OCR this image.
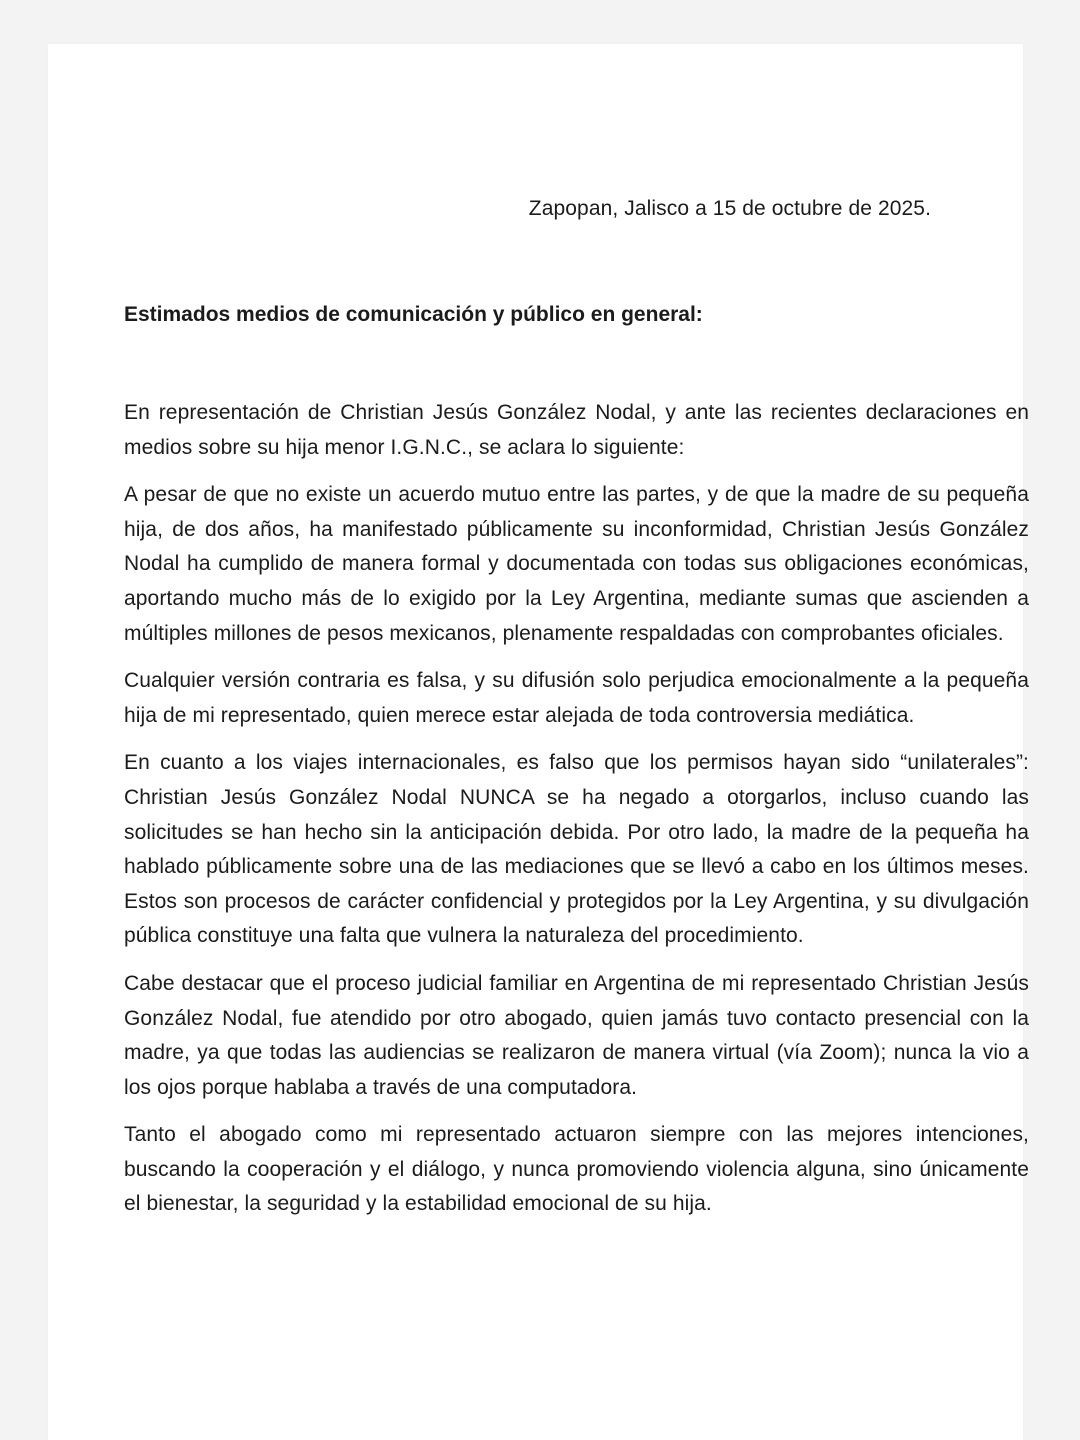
Zapopan, Jalisco a 15 de octubre de 2025.
Estimados medios de comunicación y público en general:

En representación de Christian Jesús González Nodal, y ante las recientes declaraciones en medios sobre su hija menor I.G.N.C., se aclara lo siguiente:

A pesar de que no existe un acuerdo mutuo entre las partes, y de que la madre de su pequeña hija, de dos años, ha manifestado públicamente su inconformidad, Christian Jesús González Nodal ha cumplido de manera formal y documentada con todas sus obligaciones económicas, aportando mucho más de lo exigido por la Ley Argentina, mediante sumas que ascienden a múltiples millones de pesos mexicanos, plenamente respaldadas con comprobantes oficiales.

Cualquier versión contraria es falsa, y su difusión solo perjudica emocionalmente a la pequeña hija de mi representado, quien merece estar alejada de toda controversia mediática.

En cuanto a los viajes internacionales, es falso que los permisos hayan sido “unilaterales”: Christian Jesús González Nodal NUNCA se ha negado a otorgarlos, incluso cuando las solicitudes se han hecho sin la anticipación debida. Por otro lado, la madre de la pequeña ha hablado públicamente sobre una de las mediaciones que se llevó a cabo en los últimos meses. Estos son procesos de carácter confidencial y protegidos por la Ley Argentina, y su divulgación pública constituye una falta que vulnera la naturaleza del procedimiento.

Cabe destacar que el proceso judicial familiar en Argentina de mi representado Christian Jesús González Nodal, fue atendido por otro abogado, quien jamás tuvo contacto presencial con la madre, ya que todas las audiencias se realizaron de manera virtual (vía Zoom); nunca la vio a los ojos porque hablaba a través de una computadora.

Tanto el abogado como mi representado actuaron siempre con las mejores intenciones, buscando la cooperación y el diálogo, y nunca promoviendo violencia alguna, sino únicamente el bienestar, la seguridad y la estabilidad emocional de su hija.
